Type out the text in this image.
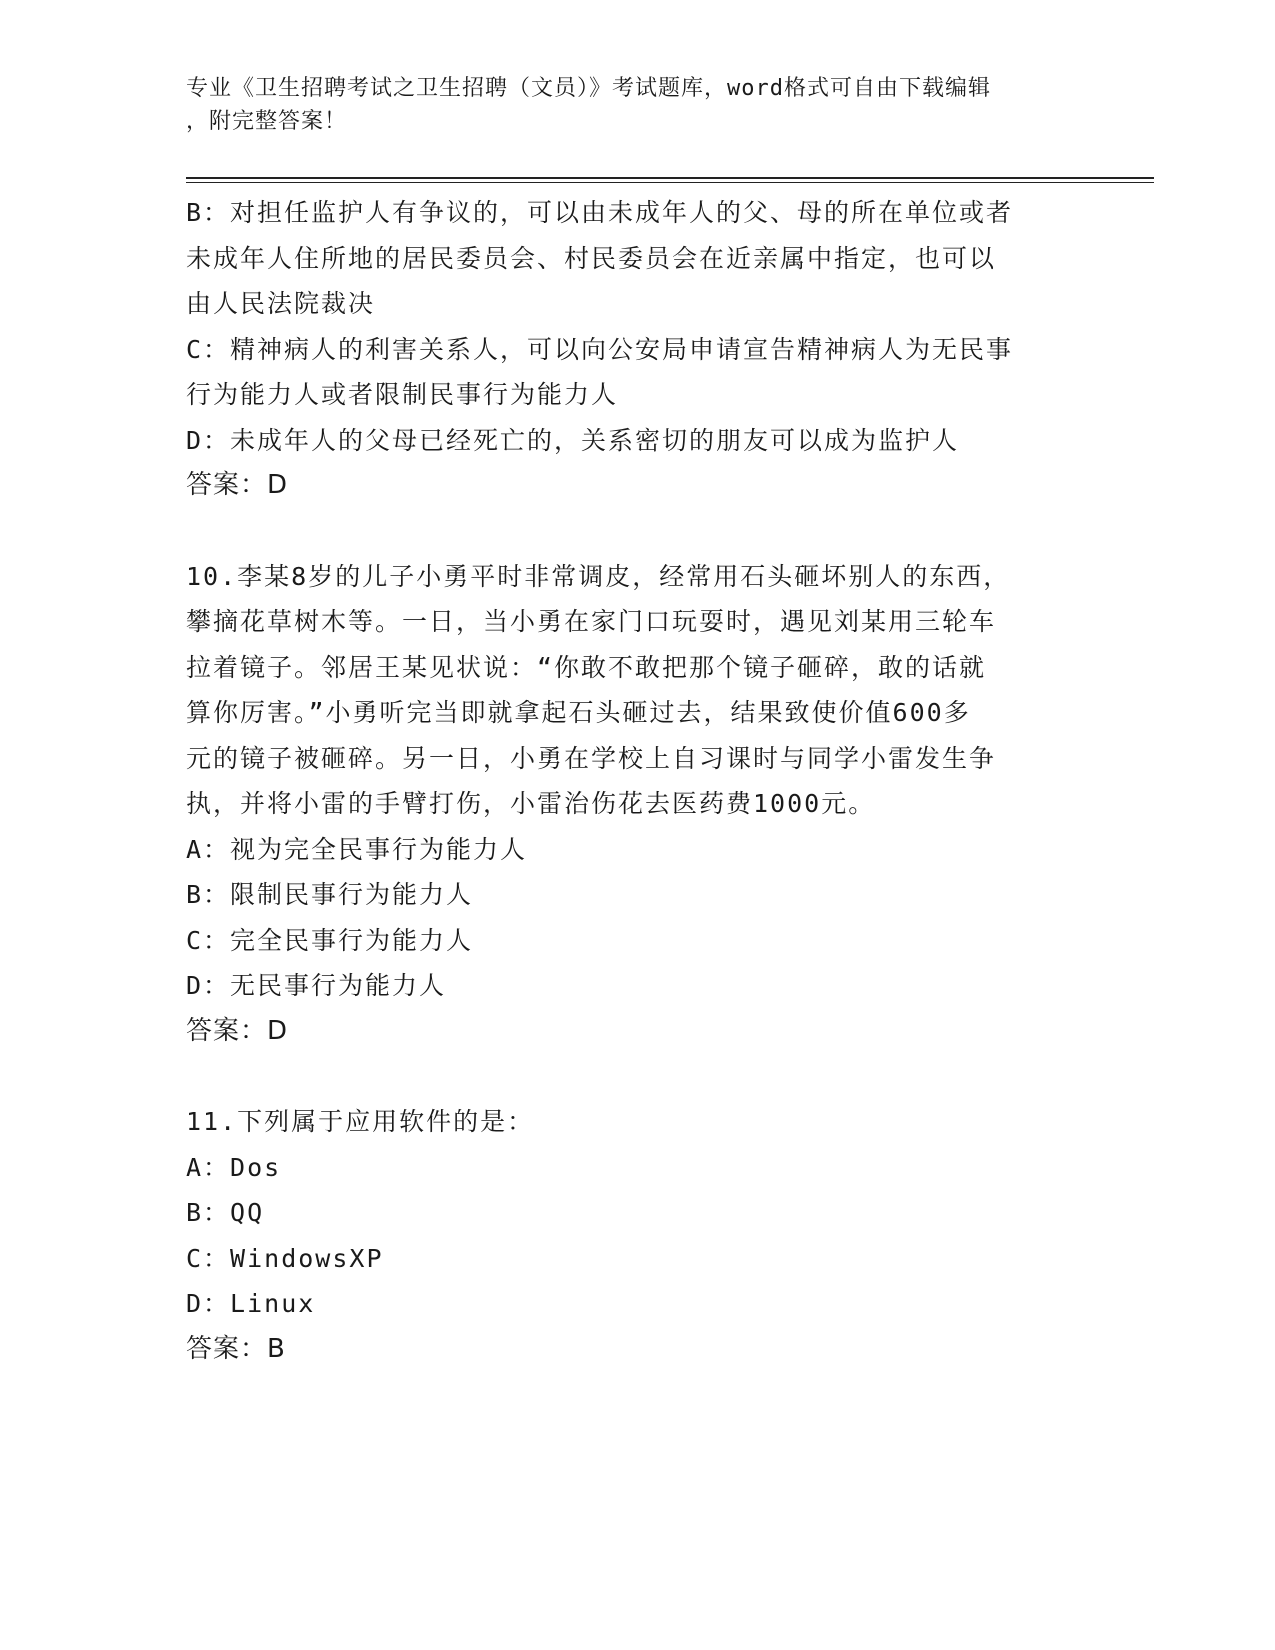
专业《卫生招聘考试之卫生招聘（文员）》考试题库，word格式可自由下载编辑
，附完整答案！
B：对担任监护人有争议的，可以由未成年人的父、母的所在单位或者
未成年人住所地的居民委员会、村民委员会在近亲属中指定，也可以
由人民法院裁决
C：精神病人的利害关系人，可以向公安局申请宣告精神病人为无民事
行为能力人或者限制民事行为能力人
D：未成年人的父母已经死亡的，关系密切的朋友可以成为监护人
答案：D
10.李某8岁的儿子小勇平时非常调皮，经常用石头砸坏别人的东西，
攀摘花草树木等。一日，当小勇在家门口玩耍时，遇见刘某用三轮车
拉着镜子。邻居王某见状说：“你敢不敢把那个镜子砸碎，敢的话就
算你厉害。”小勇听完当即就拿起石头砸过去，结果致使价值600多
元的镜子被砸碎。另一日，小勇在学校上自习课时与同学小雷发生争
执，并将小雷的手臂打伤，小雷治伤花去医药费1000元。
A：视为完全民事行为能力人
B：限制民事行为能力人
C：完全民事行为能力人
D：无民事行为能力人
答案：D
11.下列属于应用软件的是：
A：Dos
B：QQ
C：WindowsXP
D：Linux
答案：B
